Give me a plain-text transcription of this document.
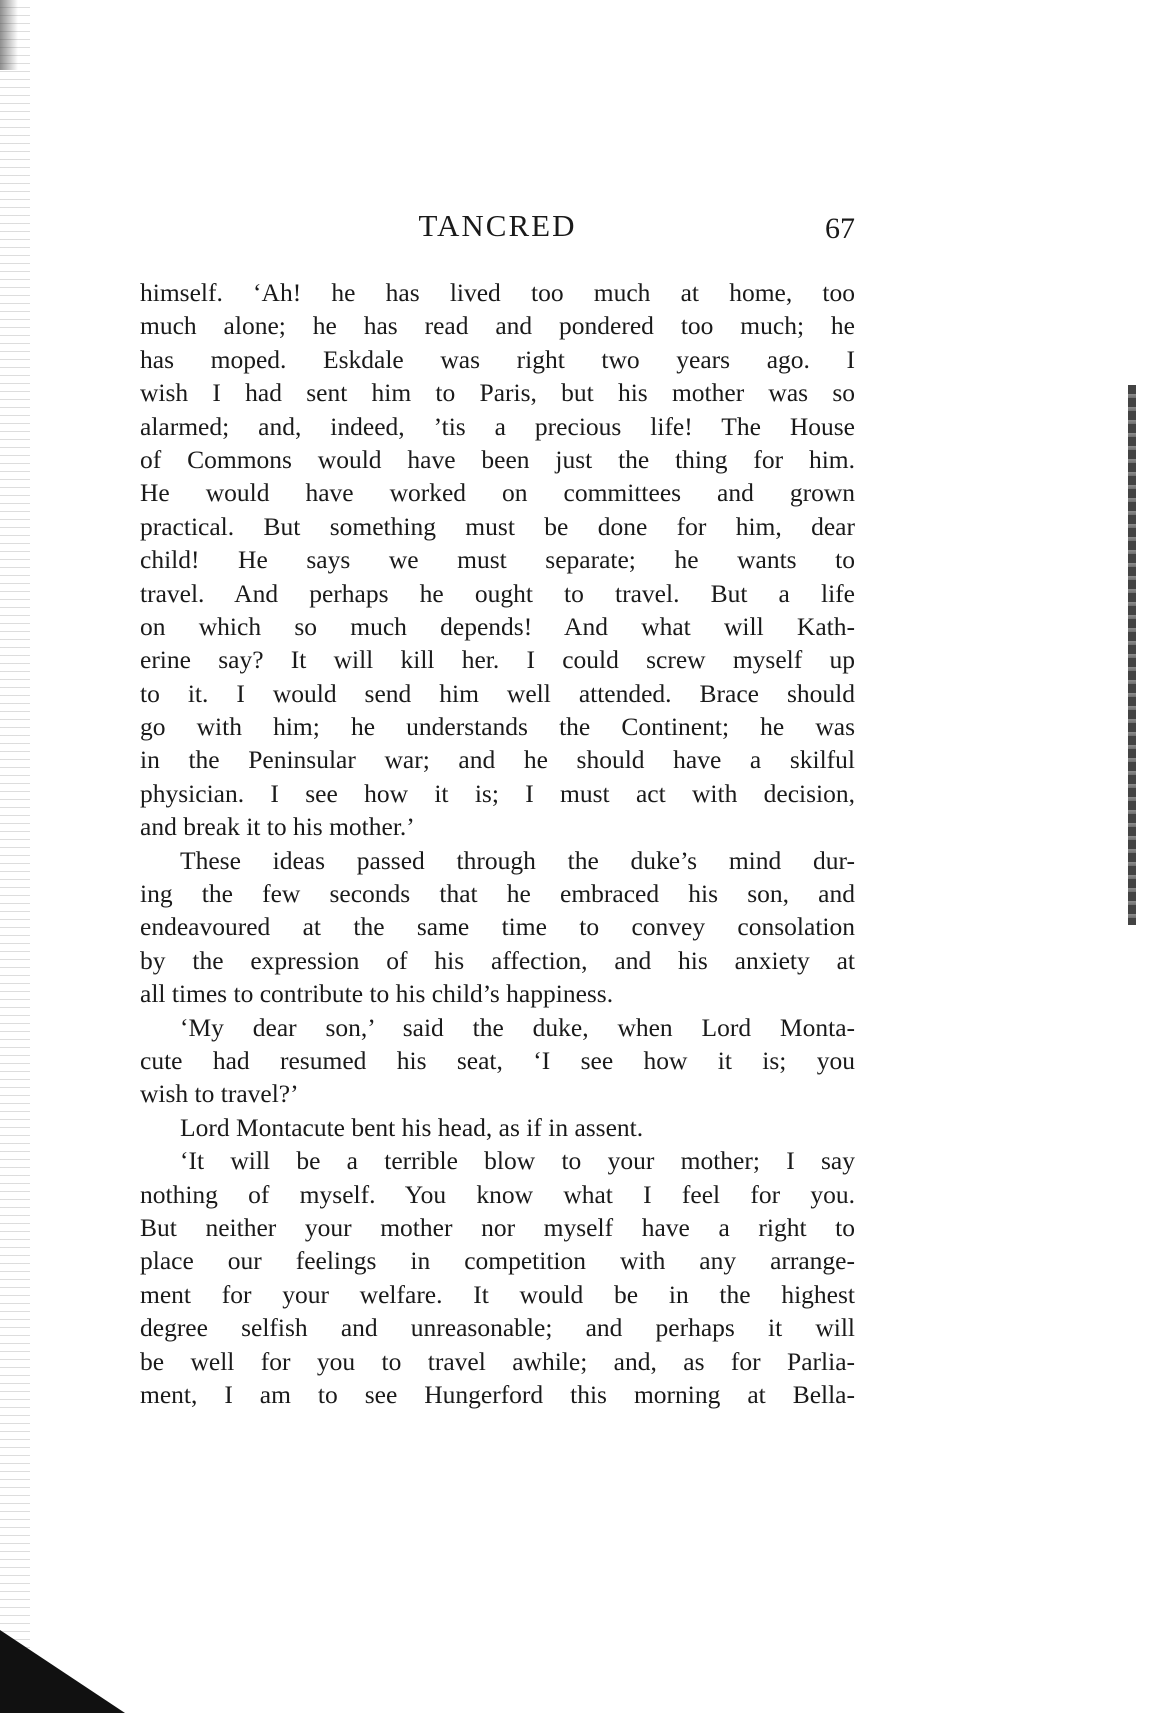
TANCRED	67
himself. ‘Ah! he has lived too much at home, too
much alone; he has read and pondered too much; he
has moped. Eskdale was right two years ago. I
wish I had sent him to Paris, but his mother was so
alarmed; and, indeed, ’tis a precious life! The House
of Commons would have been just the thing for him.
He would have worked on committees and grown
practical. But something must be done for him, dear
child! He says we must separate; he wants to
travel. And perhaps he ought to travel. But a life
on which so much depends! And what will Kath-
erine say? It will kill her. I could screw myself up
to it. I would send him well attended. Brace should
go with him; he understands the Continent; he was
in the Peninsular war; and he should have a skilful
physician. I see how it is; I must act with decision,
and break it to his mother.’
These ideas passed through the duke’s mind dur-
ing the few seconds that he embraced his son, and
endeavoured at the same time to convey consolation
by the expression of his affection, and his anxiety at
all times to contribute to his child’s happiness.
‘My dear son,’ said the duke, when Lord Monta-
cute had resumed his seat, ‘I see how it is; you
wish to travel?’
Lord Montacute bent his head, as if in assent.
‘It will be a terrible blow to your mother; I say
nothing of myself. You know what I feel for you.
But neither your mother nor myself have a right to
place our feelings in competition with any arrange-
ment for your welfare. It would be in the highest
degree selfish and unreasonable; and perhaps it will
be well for you to travel awhile; and, as for Parlia-
ment, I am to see Hungerford this morning at Bella-
